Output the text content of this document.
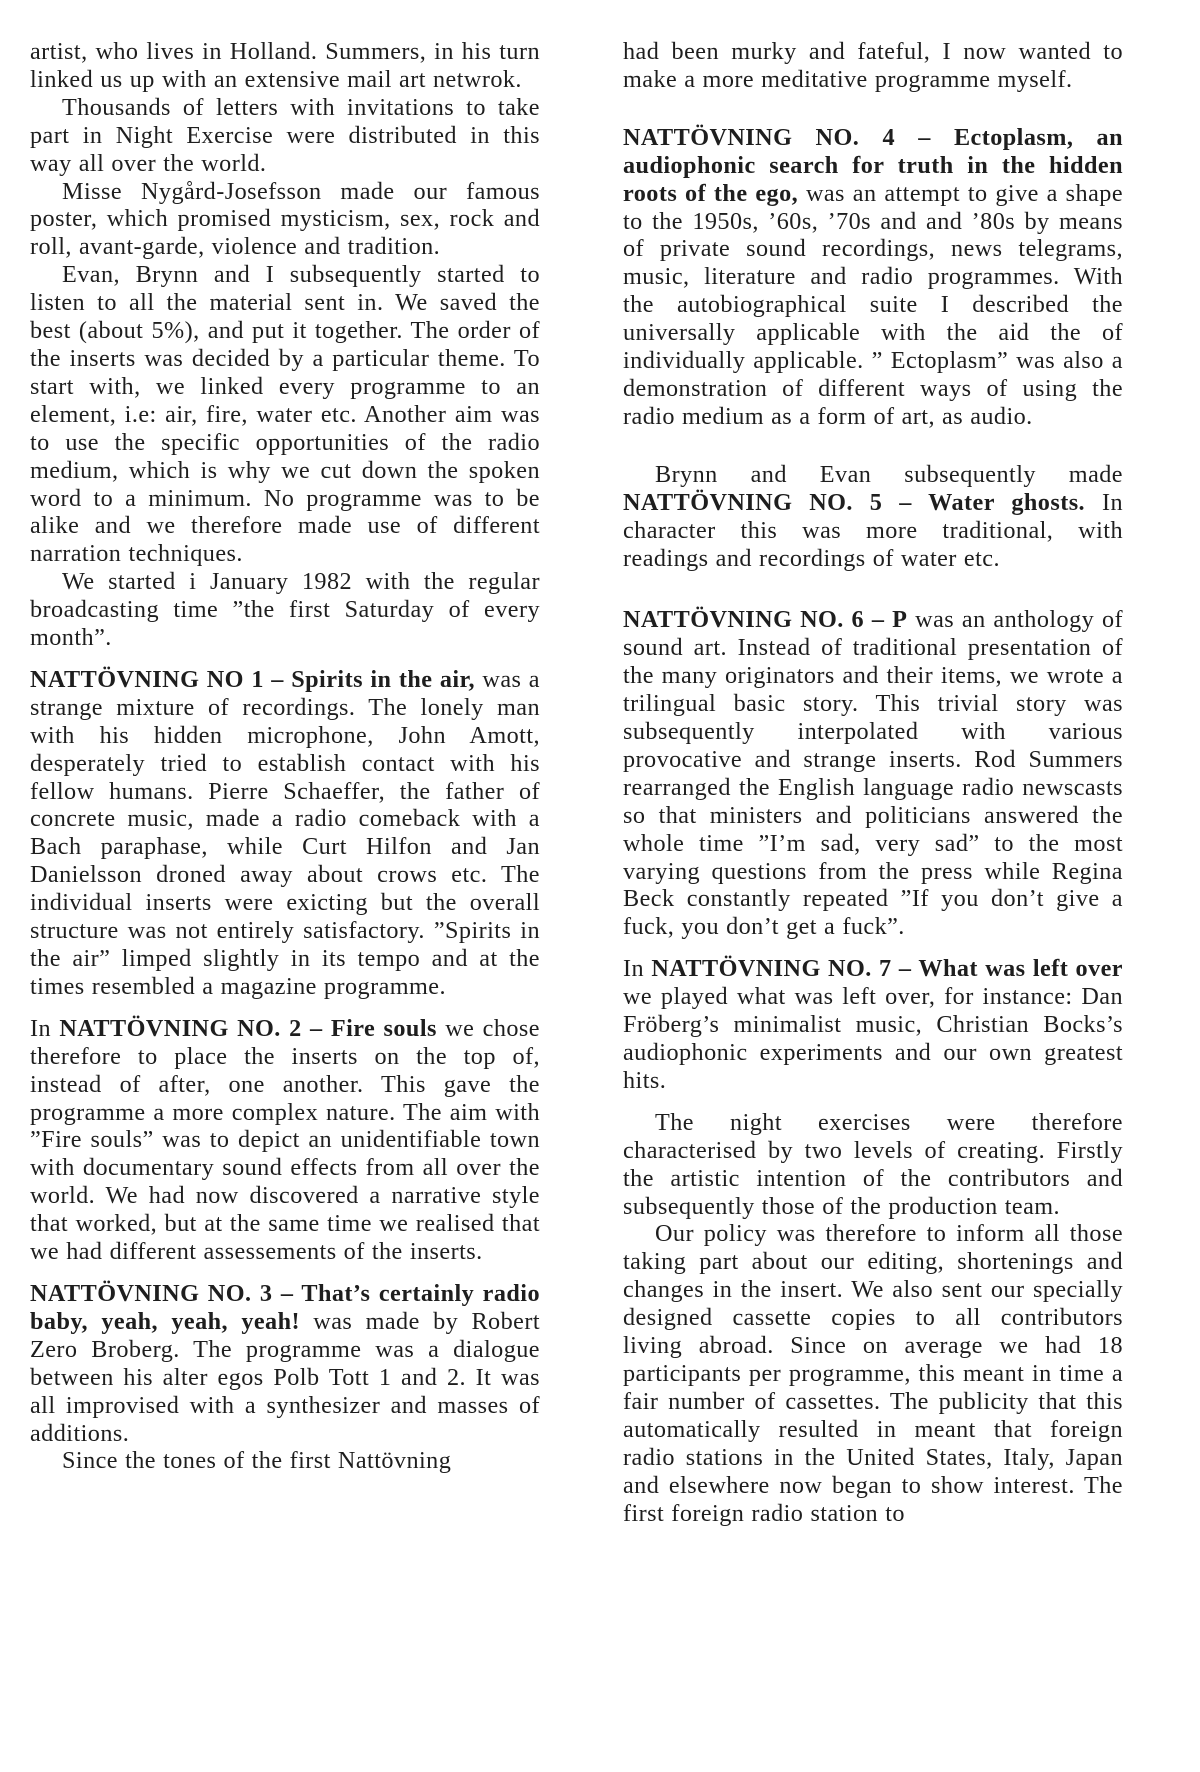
artist, who lives in Holland. Summers, in his turn linked us up with an extensive mail art netwrok.

Thousands of letters with invitations to take part in Night Exercise were distributed in this way all over the world.

Misse Nygård-Josefsson made our famous poster, which promised mysticism, sex, rock and roll, avant-garde, violence and tradition.

Evan, Brynn and I subsequently started to listen to all the material sent in. We saved the best (about 5%), and put it together. The order of the inserts was decided by a particular theme. To start with, we linked every programme to an element, i.e: air, fire, water etc. Another aim was to use the specific opportunities of the radio medium, which is why we cut down the spoken word to a minimum. No programme was to be alike and we therefore made use of different narration techniques.

We started i January 1982 with the regular broadcasting time ”the first Saturday of every month”.

NATTÖVNING NO 1 – Spirits in the air, was a strange mixture of recordings. The lonely man with his hidden microphone, John Amott, desperately tried to establish contact with his fellow humans. Pierre Schaeffer, the father of concrete music, made a radio comeback with a Bach paraphase, while Curt Hilfon and Jan Danielsson droned away about crows etc. The individual inserts were exicting but the overall structure was not entirely satisfactory. ”Spirits in the air” limped slightly in its tempo and at the times resembled a magazine programme.

In NATTÖVNING NO. 2 – Fire souls we chose therefore to place the inserts on the top of, instead of after, one another. This gave the programme a more complex nature. The aim with ”Fire souls” was to depict an unidentifiable town with documentary sound effects from all over the world. We had now discovered a narrative style that worked, but at the same time we realised that we had different assessements of the inserts.

NATTÖVNING NO. 3 – That’s certainly radio baby, yeah, yeah, yeah! was made by Robert Zero Broberg. The programme was a dialogue between his alter egos Polb Tott 1 and 2. It was all improvised with a synthesizer and masses of additions.

Since the tones of the first Nattövning

had been murky and fateful, I now wanted to make a more meditative programme myself.

NATTÖVNING NO. 4 – Ectoplasm, an audiophonic search for truth in the hidden roots of the ego, was an attempt to give a shape to the 1950s, ’60s, ’70s and and ’80s by means of private sound recordings, news telegrams, music, literature and radio programmes. With the autobiographical suite I described the universally applicable with the aid the of individually applicable. ” Ectoplasm” was also a demonstration of different ways of using the radio medium as a form of art, as audio.

Brynn and Evan subsequently made NATTÖVNING NO. 5 – Water ghosts. In character this was more traditional, with readings and recordings of water etc.

NATTÖVNING NO. 6 – P was an anthology of sound art. Instead of traditional presentation of the many originators and their items, we wrote a trilingual basic story. This trivial story was subsequently interpolated with various provocative and strange inserts. Rod Summers rearranged the English language radio newscasts so that ministers and politicians answered the whole time ”I’m sad, very sad” to the most varying questions from the press while Regina Beck constantly repeated ”If you don’t give a fuck, you don’t get a fuck”.

In NATTÖVNING NO. 7 – What was left over we played what was left over, for instance: Dan Fröberg’s minimalist music, Christian Bocks’s audiophonic experiments and our own greatest hits.

The night exercises were therefore characterised by two levels of creating. Firstly the artistic intention of the contributors and subsequently those of the production team.

Our policy was therefore to inform all those taking part about our editing, shortenings and changes in the insert. We also sent our specially designed cassette copies to all contributors living abroad. Since on average we had 18 participants per programme, this meant in time a fair number of cassettes. The publicity that this automatically resulted in meant that foreign radio stations in the United States, Italy, Japan and elsewhere now began to show interest. The first foreign radio station to
